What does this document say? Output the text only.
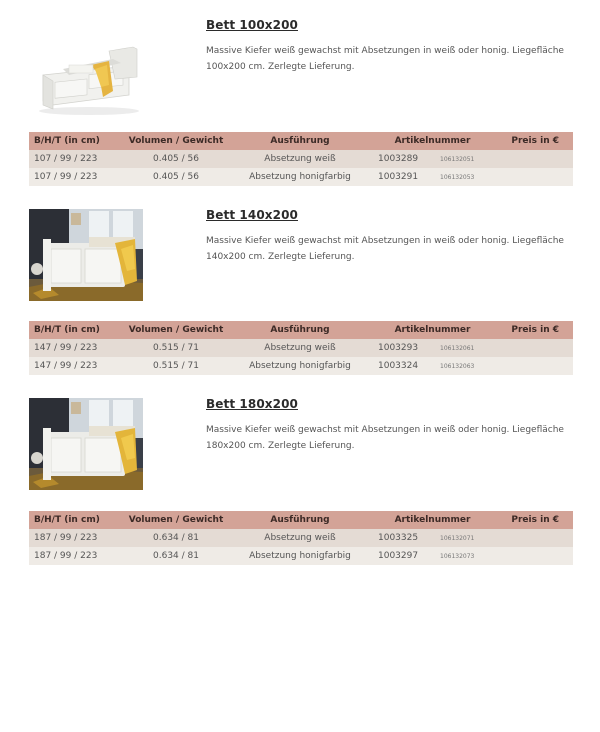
Bett 100x200
Massive Kiefer weiß gewachst mit Absetzungen in weiß oder honig. Liegefläche 100x200 cm. Zerlegte Lieferung.
B/H/T (in cm)	Volumen / Gewicht	Ausführung	Artikelnummer	Preis in €
107 / 99 / 223	0.405 / 56	Absetzung weiß	1003289 106132051	
107 / 99 / 223	0.405 / 56	Absetzung honigfarbig	1003291 106132053	
Bett 140x200
Massive Kiefer weiß gewachst mit Absetzungen in weiß oder honig. Liegefläche 140x200 cm. Zerlegte Lieferung.
B/H/T (in cm)	Volumen / Gewicht	Ausführung	Artikelnummer	Preis in €
147 / 99 / 223	0.515 / 71	Absetzung weiß	1003293 106132061	
147 / 99 / 223	0.515 / 71	Absetzung honigfarbig	1003324 106132063	
Bett 180x200
Massive Kiefer weiß gewachst mit Absetzungen in weiß oder honig. Liegefläche 180x200 cm. Zerlegte Lieferung.
B/H/T (in cm)	Volumen / Gewicht	Ausführung	Artikelnummer	Preis in €
187 / 99 / 223	0.634 / 81	Absetzung weiß	1003325 106132071	
187 / 99 / 223	0.634 / 81	Absetzung honigfarbig	1003297 106132073	
